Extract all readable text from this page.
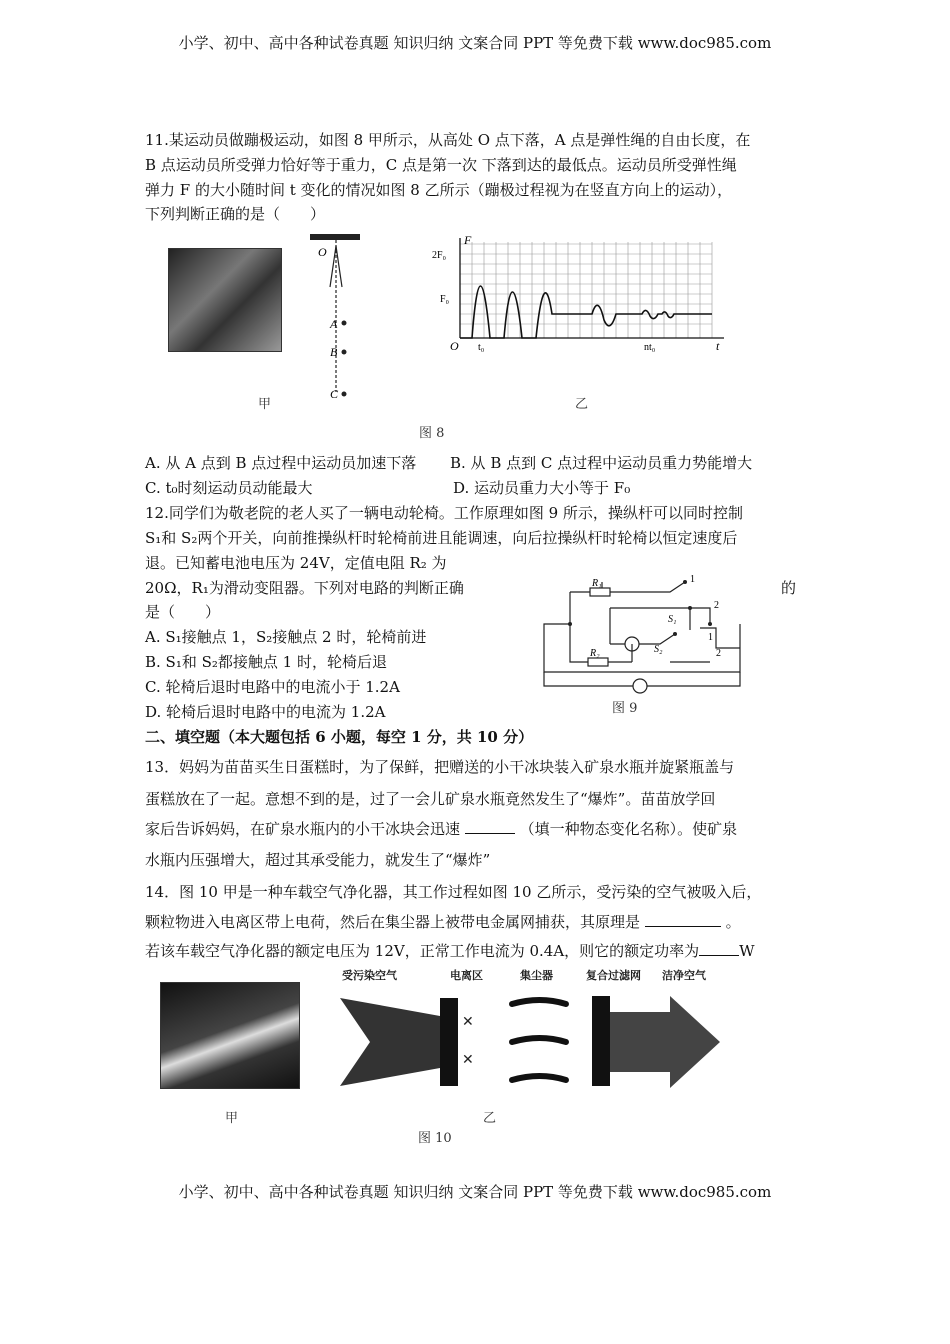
小学、初中、高中各种试卷真题 知识归纳 文案合同 PPT 等免费下载 www.doc985.com
11.某运动员做蹦极运动，如图 8 甲所示，从高处 O 点下落，A 点是弹性绳的自由长度，在
B 点运动员所受弹力恰好等于重力，C 点是第一次 下落到达的最低点。运动员所受弹性绳
弹力 F 的大小随时间 t 变化的情况如图 8 乙所示（蹦极过程视为在竖直方向上的运动），
下列判断正确的是（　　）
甲
O
A
B
C
2F₀
F₀
F
O t₀	nt₀	t
乙
图 8
A. 从 A 点到 B 点过程中运动员加速下落 B. 从 B 点到 C 点过程中运动员重力势能增大
C. t₀时刻运动员动能最大	D. 运动员重力大小等于 F₀
12.同学们为敬老院的老人买了一辆电动轮椅。工作原理如图 9 所示，操纵杆可以同时控制
S₁和 S₂两个开关，向前推操纵杆时轮椅前进且能调速，向后拉操纵杆时轮椅以恒定速度后
退。已知蓄电池电压为 24V，定值电阻 R₂ 为
20Ω，R₁为滑动变阻器。下列对电路的判断正确	的
是（　　）
A. S₁接触点 1，S₂接触点 2 时，轮椅前进
B. S₁和 S₂都接触点 1 时，轮椅后退
C. 轮椅后退时电路中的电流小于 1.2A
D. 轮椅后退时电路中的电流为 1.2A
1
2
1
2
R₁
R₂
S₁
S₂
图 9
二、填空题（本大题包括 6 小题，每空 1 分，共 10 分）
13．妈妈为苗苗买生日蛋糕时，为了保鲜，把赠送的小干冰块装入矿泉水瓶并旋紧瓶盖与
蛋糕放在了一起。意想不到的是，过了一会儿矿泉水瓶竟然发生了“爆炸”。苗苗放学回
家后告诉妈妈，在矿泉水瓶内的小干冰块会迅速	（填一种物态变化名称）。使矿泉
水瓶内压强增大，超过其承受能力，就发生了“爆炸”
14．图 10 甲是一种车载空气净化器，其工作过程如图 10 乙所示，受污染的空气被吸入后，
颗粒物进入电离区带上电荷，然后在集尘器上被带电金属网捕获，其原理是	。
若该车载空气净化器的额定电压为 12V，正常工作电流为 0.4A，则它的额定功率为	W
甲
受污染空气	电离区	集尘器	复合过滤网 洁净空气
✕
✕
乙
图 10
小学、初中、高中各种试卷真题 知识归纳 文案合同 PPT 等免费下载 www.doc985.com
